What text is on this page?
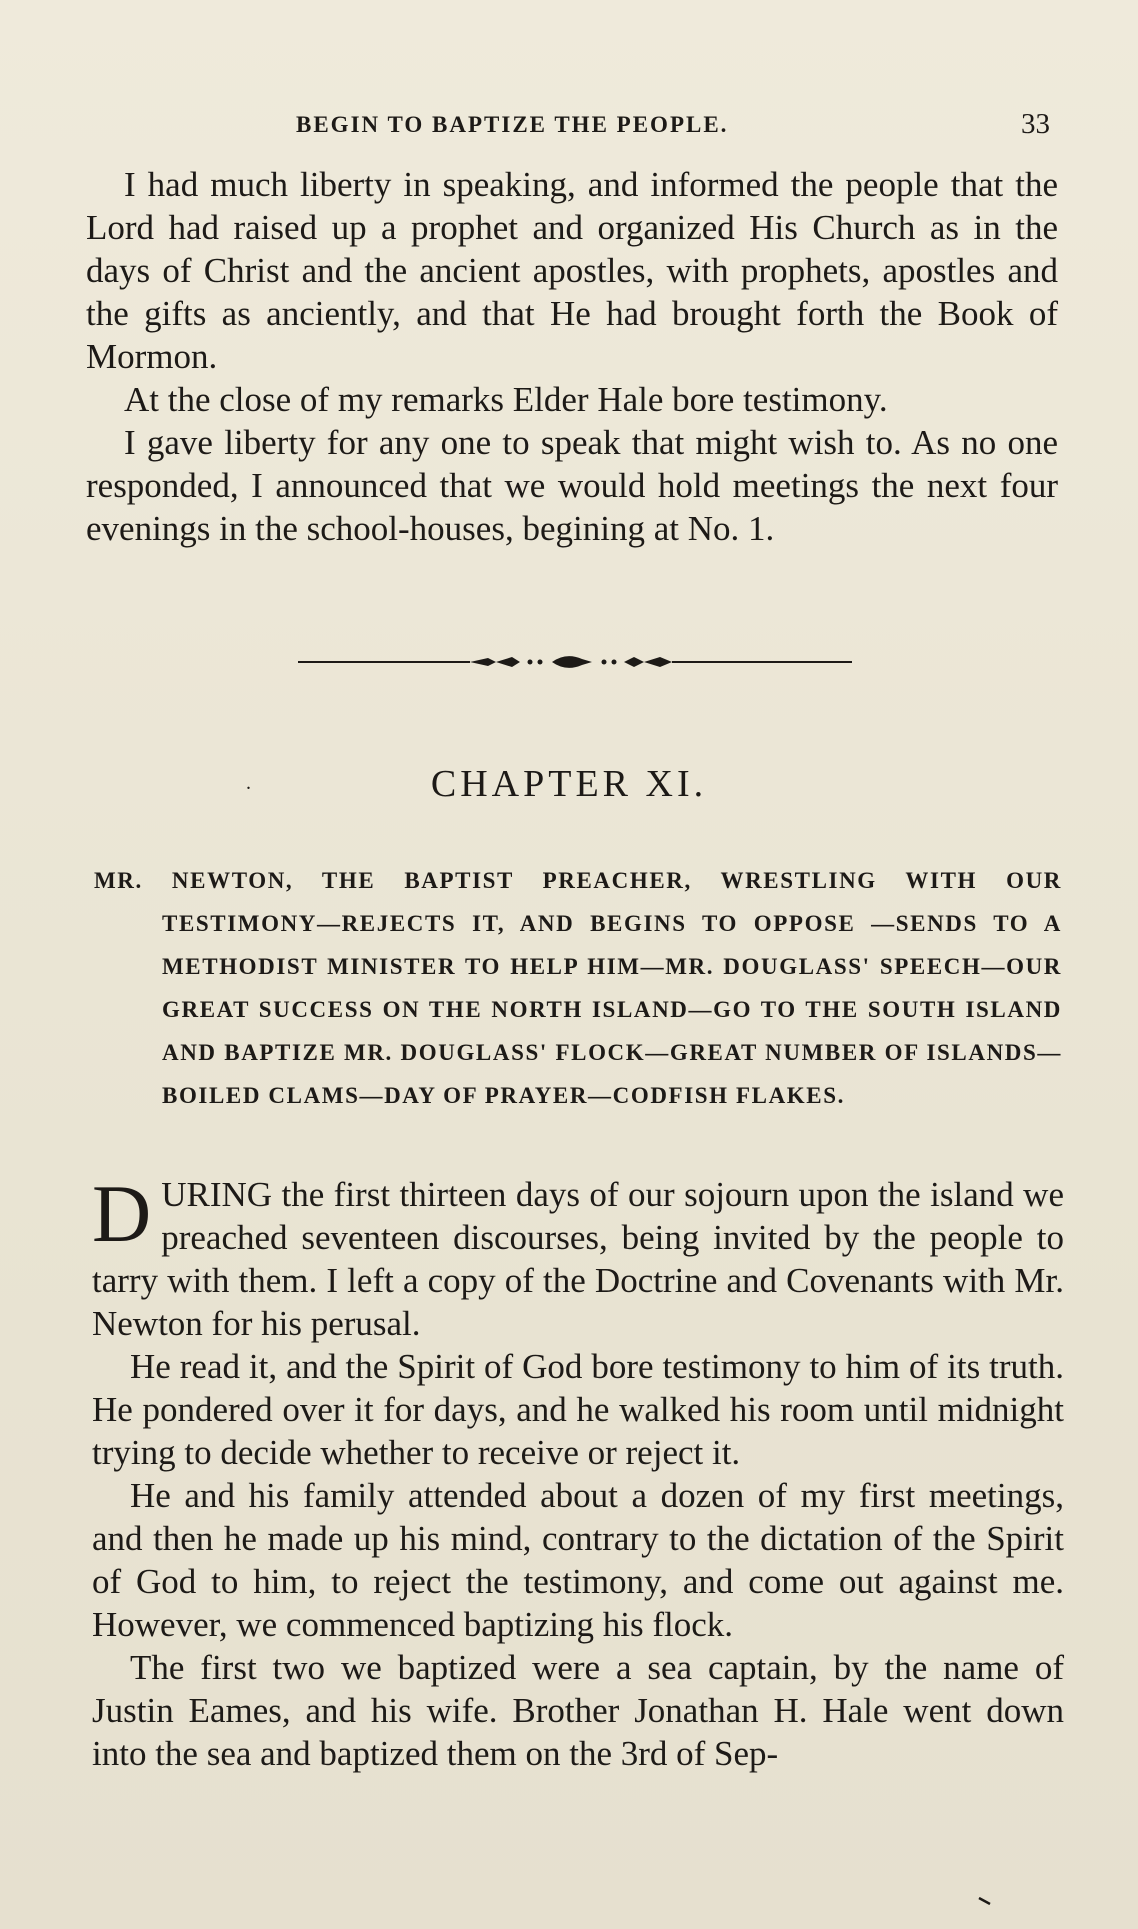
BEGIN TO BAPTIZE THE PEOPLE.	33

I had much liberty in speaking, and informed the people that the Lord had raised up a prophet and organized His Church as in the days of Christ and the ancient apostles, with prophets, apostles and the gifts as anciently, and that He had brought forth the Book of Mormon.

At the close of my remarks Elder Hale bore testimony.

I gave liberty for any one to speak that might wish to. As no one responded, I announced that we would hold meetings the next four evenings in the school-houses, begining at No. 1.

.	CHAPTER XI.
MR. NEWTON, THE BAPTIST PREACHER, WRESTLING WITH OUR TESTIMONY—REJECTS IT, AND BEGINS TO OPPOSE —SENDS TO A METHODIST MINISTER TO HELP HIM—MR. DOUGLASS' SPEECH—OUR GREAT SUCCESS ON THE NORTH ISLAND—GO TO THE SOUTH ISLAND AND BAPTIZE MR. DOUGLASS' FLOCK—GREAT NUMBER OF ISLANDS—BOILED CLAMS—DAY OF PRAYER—CODFISH FLAKES.

DURING the first thirteen days of our sojourn upon the island we preached seventeen discourses, being invited by the people to tarry with them. I left a copy of the Doctrine and Covenants with Mr. Newton for his perusal.

He read it, and the Spirit of God bore testimony to him of its truth. He pondered over it for days, and he walked his room until midnight trying to decide whether to receive or reject it.

He and his family attended about a dozen of my first meetings, and then he made up his mind, contrary to the dictation of the Spirit of God to him, to reject the testimony, and come out against me. However, we commenced baptizing his flock.

The first two we baptized were a sea captain, by the name of Justin Eames, and his wife. Brother Jonathan H. Hale went down into the sea and baptized them on the 3rd of Sep-
